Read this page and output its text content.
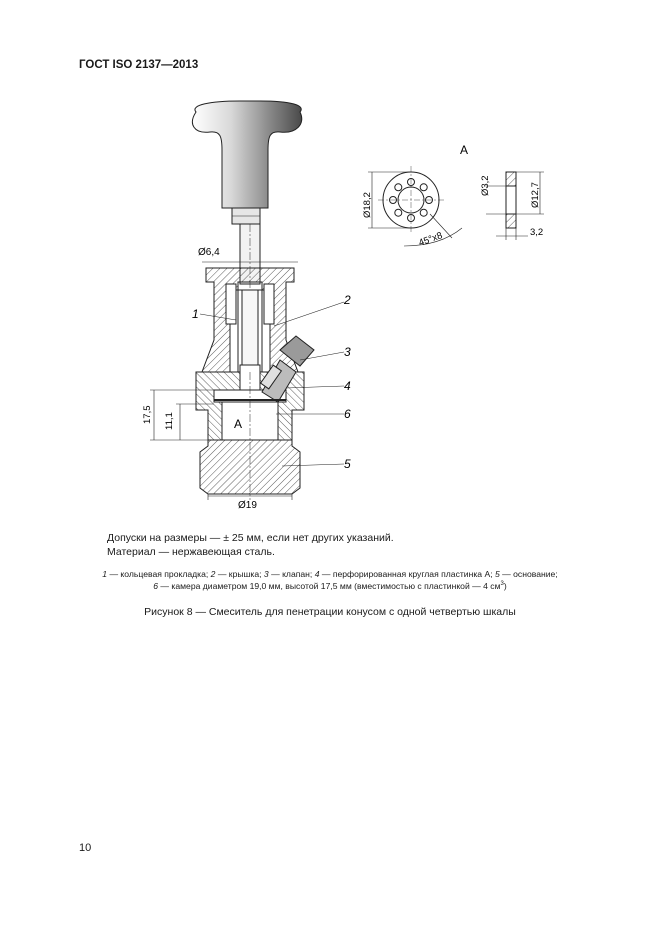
ГОСТ ISO 2137—2013
Ø6,4
1
2
3
4
6
5
A
17,5 11,1
Ø19
A
Ø18,2
Ø3,2	Ø12,7
3,2
45°x8
Допуски на размеры — ± 25 мм, если нет других указаний.
Материал — нержавеющая сталь.
1 — кольцевая прокладка; 2 — крышка; 3 — клапан; 4 — перфорированная круглая пластинка A; 5 — основание;
6 — камера диаметром 19,0 мм, высотой 17,5 мм (вместимостью с пластинкой — 4 $см^3$)
Рисунок 8 — Смеситель для пенетрации конусом с одной четвертью шкалы
10
